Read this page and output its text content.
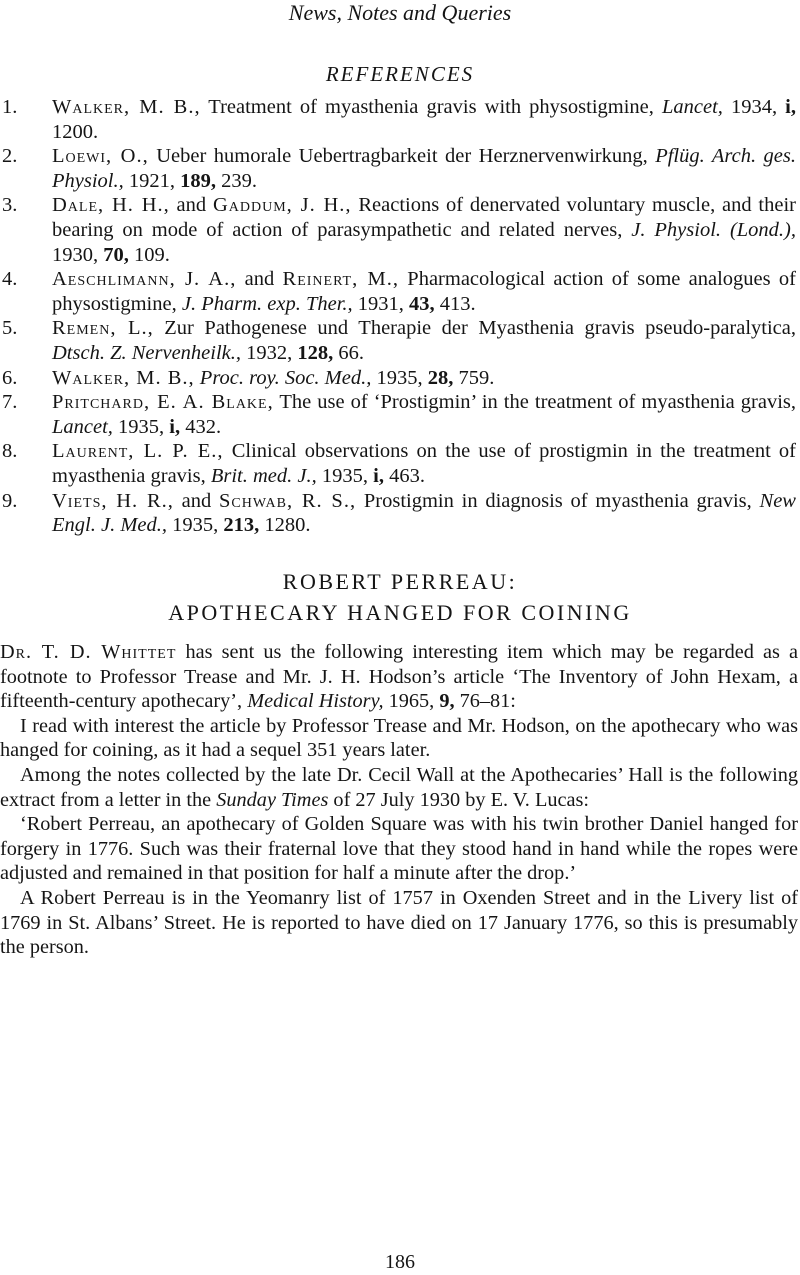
News, Notes and Queries
REFERENCES
1. Walker, M. B., Treatment of myasthenia gravis with physostigmine, Lancet, 1934, i, 1200.
2. Loewi, O., Ueber humorale Uebertragbarkeit der Herznervenwirkung, Pflüg. Arch. ges. Physiol., 1921, 189, 239.
3. Dale, H. H., and Gaddum, J. H., Reactions of denervated voluntary muscle, and their bearing on mode of action of parasympathetic and related nerves, J. Physiol. (Lond.), 1930, 70, 109.
4. Aeschlimann, J. A., and Reinert, M., Pharmacological action of some analogues of physostigmine, J. Pharm. exp. Ther., 1931, 43, 413.
5. Remen, L., Zur Pathogenese und Therapie der Myasthenia gravis pseudo-paralytica, Dtsch. Z. Nervenheilk., 1932, 128, 66.
6. Walker, M. B., Proc. roy. Soc. Med., 1935, 28, 759.
7. Pritchard, E. A. Blake, The use of ‘Prostigmin’ in the treatment of myasthenia gravis, Lancet, 1935, i, 432.
8. Laurent, L. P. E., Clinical observations on the use of prostigmin in the treatment of myasthenia gravis, Brit. med. J., 1935, i, 463.
9. Viets, H. R., and Schwab, R. S., Prostigmin in diagnosis of myasthenia gravis, New Engl. J. Med., 1935, 213, 1280.
ROBERT PERREAU:
APOTHECARY HANGED FOR COINING

Dr. T. D. Whittet has sent us the following interesting item which may be regarded as a footnote to Professor Trease and Mr. J. H. Hodson’s article ‘The Inventory of John Hexam, a fifteenth-century apothecary’, Medical History, 1965, 9, 76–81:

I read with interest the article by Professor Trease and Mr. Hodson, on the apothecary who was hanged for coining, as it had a sequel 351 years later.

Among the notes collected by the late Dr. Cecil Wall at the Apothecaries’ Hall is the following extract from a letter in the Sunday Times of 27 July 1930 by E. V. Lucas:

‘Robert Perreau, an apothecary of Golden Square was with his twin brother Daniel hanged for forgery in 1776. Such was their fraternal love that they stood hand in hand while the ropes were adjusted and remained in that position for half a minute after the drop.’

A Robert Perreau is in the Yeomanry list of 1757 in Oxenden Street and in the Livery list of 1769 in St. Albans’ Street. He is reported to have died on 17 January 1776, so this is presumably the person.

186
